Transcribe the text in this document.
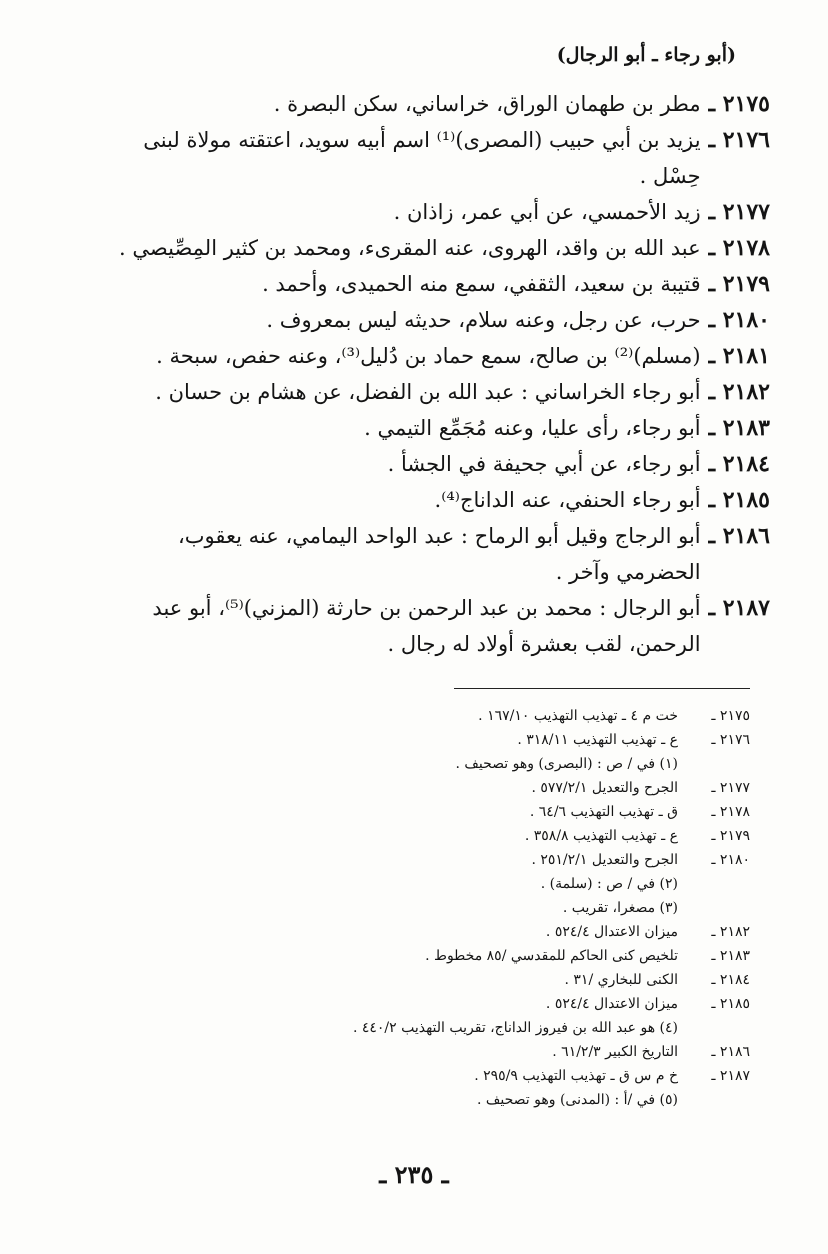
(أبو رجاء ـ أبو الرجال)
٢١٧٥ ـ
مطر بن طهمان الوراق، خراساني، سكن البصرة .
٢١٧٦ ـ
يزيد بن أبي حبيب (المصرى)⁽¹⁾ اسم أبيه سويد، اعتقته مولاة لبنى حِسْل .
٢١٧٧ ـ
زيد الأحمسي، عن أبي عمر، زاذان .
٢١٧٨ ـ
عبد الله بن واقد، الهروى، عنه المقرىء، ومحمد بن كثير المِصِّيصي .
٢١٧٩ ـ
قتيبة بن سعيد، الثقفي، سمع منه الحميدى، وأحمد .
٢١٨٠ ـ
حرب، عن رجل، وعنه سلام، حديثه ليس بمعروف .
٢١٨١ ـ
(مسلم)⁽²⁾ بن صالح، سمع حماد بن دُليل⁽³⁾، وعنه حفص، سبحة .
٢١٨٢ ـ
أبو رجاء الخراساني : عبد الله بن الفضل، عن هشام بن حسان .
٢١٨٣ ـ
أبو رجاء، رأى عليا، وعنه مُجَمِّع التيمي .
٢١٨٤ ـ
أبو رجاء، عن أبي جحيفة في الجشأ .
٢١٨٥ ـ
أبو رجاء الحنفي، عنه الداناج⁽⁴⁾.
٢١٨٦ ـ
أبو الرجاج وقيل أبو الرماح : عبد الواحد اليمامي، عنه يعقوب، الحضرمي وآخر .
٢١٨٧ ـ
أبو الرجال : محمد بن عبد الرحمن بن حارثة (المزني)⁽⁵⁾، أبو عبد الرحمن، لقب بعشرة أولاد له رجال .
٢١٧٥ ـ
خت م ٤ ـ تهذيب التهذيب ١٦٧/١٠ .
٢١٧٦ ـ
ع ـ تهذيب التهذيب ٣١٨/١١ .
(١) في / ص : (البصرى) وهو تصحيف .
٢١٧٧ ـ
الجرح والتعديل ٥٧٧/٢/١ .
٢١٧٨ ـ
ق ـ تهذيب التهذيب ٦٤/٦ .
٢١٧٩ ـ
ع ـ تهذيب التهذيب ٣٥٨/٨ .
٢١٨٠ ـ
الجرح والتعديل ٢٥١/٢/١ .
(٢) في / ص : (سلمة) .
(٣) مصغرا، تقريب .
٢١٨٢ ـ
ميزان الاعتدال ٥٢٤/٤ .
٢١٨٣ ـ
تلخيص كنى الحاكم للمقدسي /٨٥ مخطوط .
٢١٨٤ ـ
الكنى للبخاري /٣١ .
٢١٨٥ ـ
ميزان الاعتدال ٥٢٤/٤ .
(٤) هو عبد الله بن فيروز الداناج، تقريب التهذيب ٤٤٠/٢ .
٢١٨٦ ـ
التاريخ الكبير ٦١/٢/٣ .
٢١٨٧ ـ
خ م س ق ـ تهذيب التهذيب ٢٩٥/٩ .
(٥) في /أ : (المدنى) وهو تصحيف .
ـ ٢٣٥ ـ
